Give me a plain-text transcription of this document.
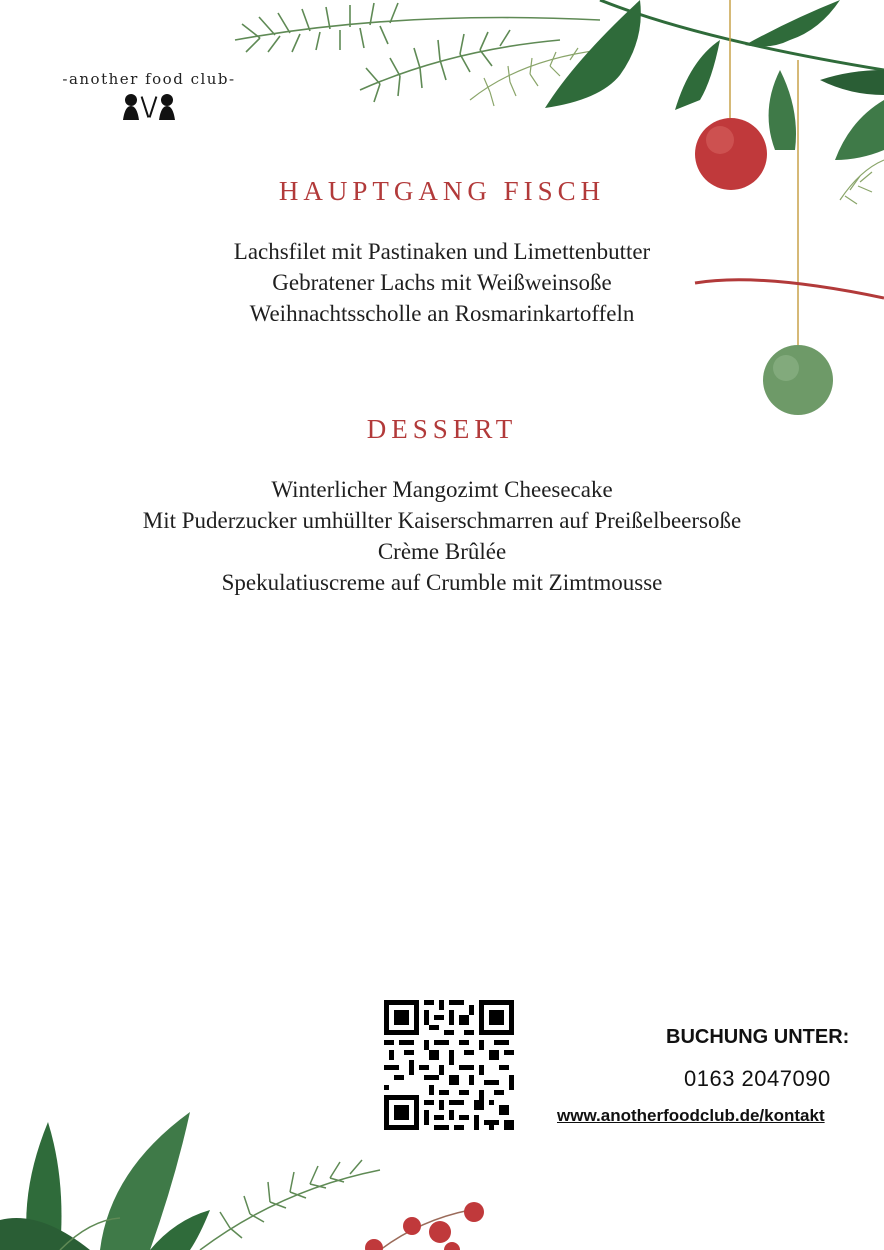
-another food club-
HAUPTGANG FISCH
Lachsfilet mit Pastinaken und Limettenbutter
Gebratener Lachs mit Weißweinsoße
Weihnachtsscholle an Rosmarinkartoffeln
DESSERT
Winterlicher Mangozimt Cheesecake
Mit Puderzucker umhüllter Kaiserschmarren auf Preißelbeersoße
Crème Brûlée
Spekulatiuscreme auf Crumble mit Zimtmousse
BUCHUNG UNTER:
0163 2047090
www.anotherfoodclub.de/kontakt
